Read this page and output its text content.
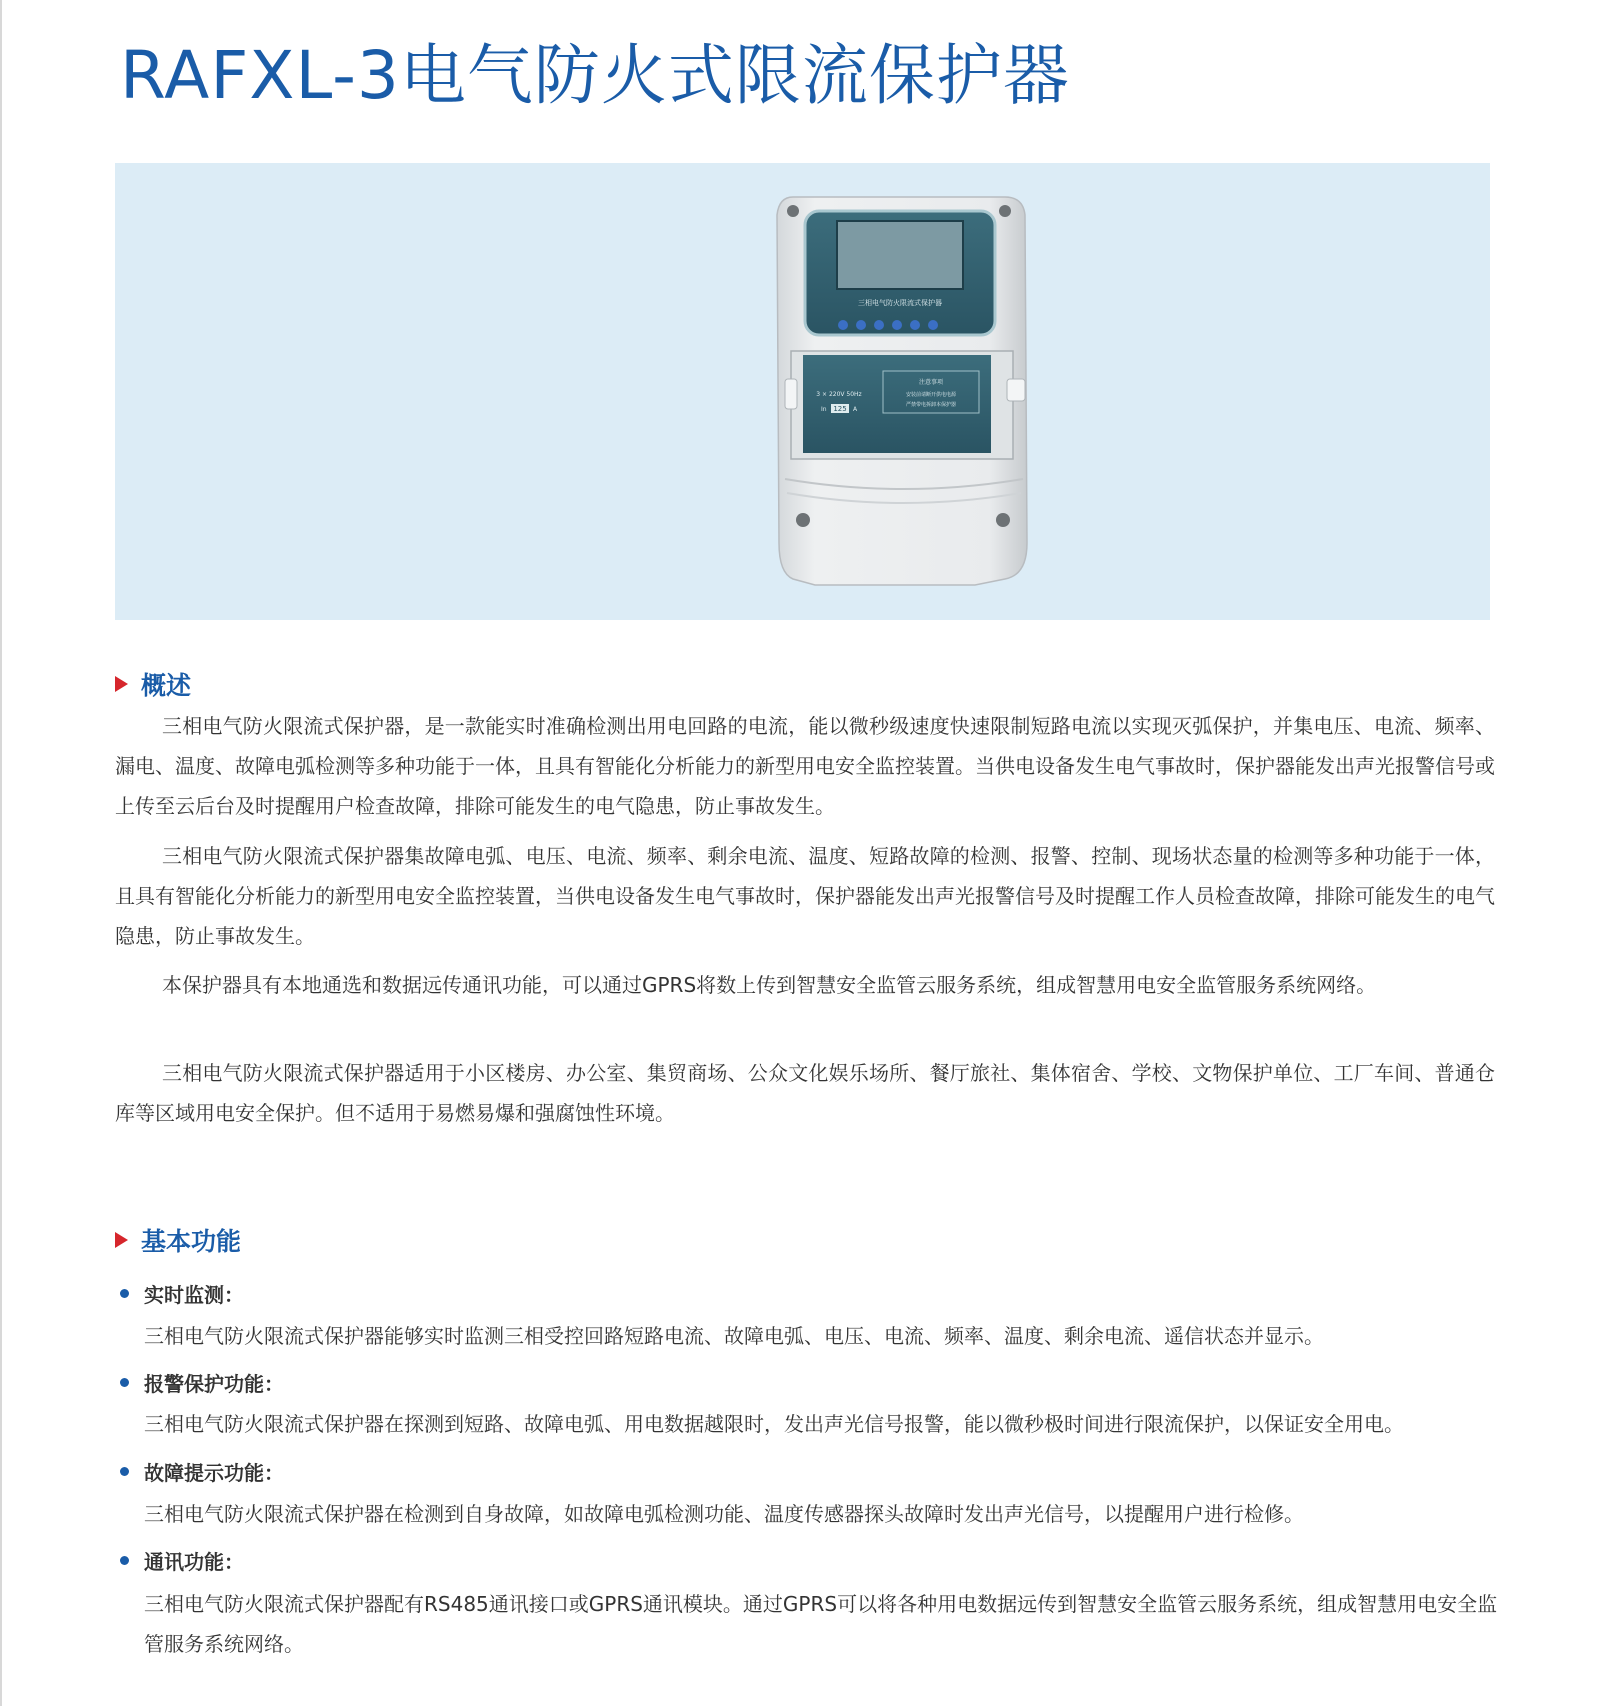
RAFXL-3电气防火式限流保护器
三相电气防火限流式保护器
3 × 220V 50Hz
In 125 A
注意事项
安装前请断开供电电源
严禁带电拆卸本保护器
概述

三相电气防火限流式保护器，是一款能实时准确检测出用电回路的电流，能以微秒级速度快速限制短路电流以实现灭弧保护，并集电压、电流、频率、漏电、温度、故障电弧检测等多种功能于一体，且具有智能化分析能力的新型用电安全监控装置。当供电设备发生电气事故时，保护器能发出声光报警信号或上传至云后台及时提醒用户检查故障，排除可能发生的电气隐患，防止事故发生。

三相电气防火限流式保护器集故障电弧、电压、电流、频率、剩余电流、温度、短路故障的检测、报警、控制、现场状态量的检测等多种功能于一体，且具有智能化分析能力的新型用电安全监控装置，当供电设备发生电气事故时，保护器能发出声光报警信号及时提醒工作人员检查故障，排除可能发生的电气隐患，防止事故发生。

本保护器具有本地通选和数据远传通讯功能，可以通过GPRS将数上传到智慧安全监管云服务系统，组成智慧用电安全监管服务系统网络。

三相电气防火限流式保护器适用于小区楼房、办公室、集贸商场、公众文化娱乐场所、餐厅旅社、集体宿舍、学校、文物保护单位、工厂车间、普通仓库等区域用电安全保护。但不适用于易燃易爆和强腐蚀性环境。

基本功能
实时监测：

三相电气防火限流式保护器能够实时监测三相受控回路短路电流、故障电弧、电压、电流、频率、温度、剩余电流、遥信状态并显示。

报警保护功能：

三相电气防火限流式保护器在探测到短路、故障电弧、用电数据越限时，发出声光信号报警，能以微秒极时间进行限流保护，以保证安全用电。

故障提示功能：

三相电气防火限流式保护器在检测到自身故障，如故障电弧检测功能、温度传感器探头故障时发出声光信号，以提醒用户进行检修。

通讯功能：

三相电气防火限流式保护器配有RS485通讯接口或GPRS通讯模块。通过GPRS可以将各种用电数据远传到智慧安全监管云服务系统，组成智慧用电安全监管服务系统网络。
